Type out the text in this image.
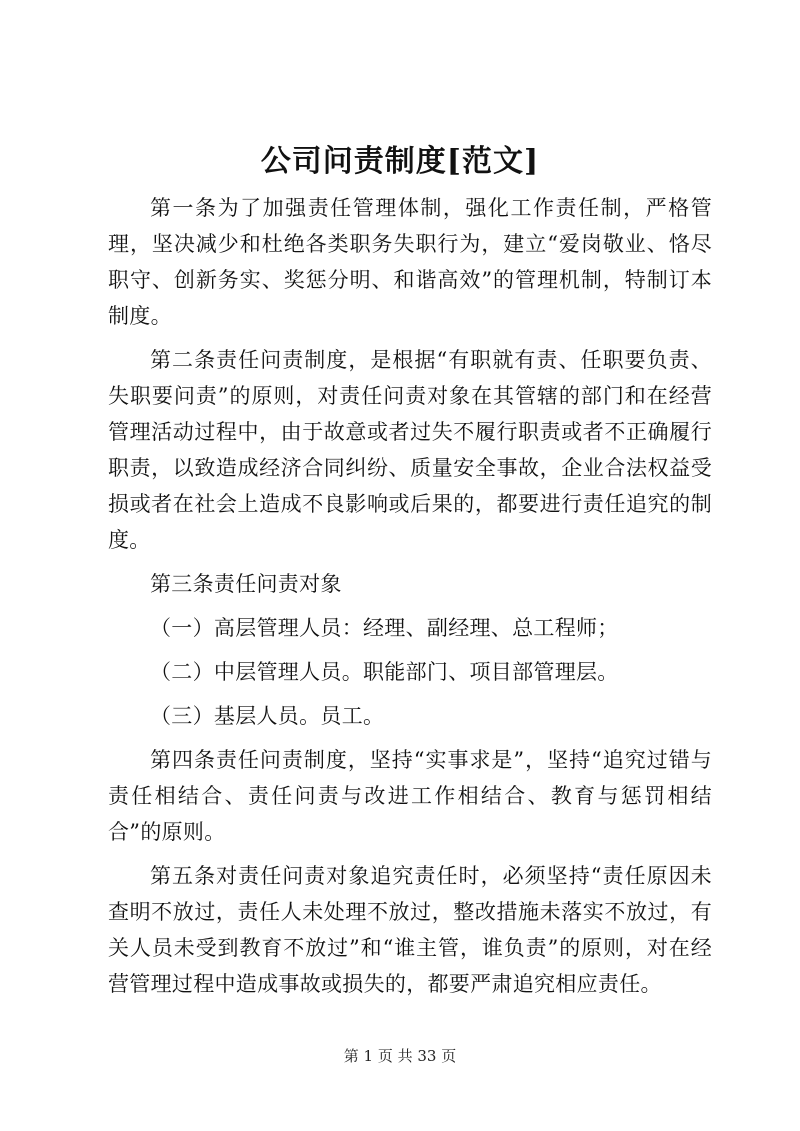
公司问责制度[范文]

第一条为了加强责任管理体制，强化工作责任制，严格管理，坚决减少和杜绝各类职务失职行为，建立“爱岗敬业、恪尽职守、创新务实、奖惩分明、和谐高效”的管理机制，特制订本制度。

第二条责任问责制度，是根据“有职就有责、任职要负责、失职要问责”的原则，对责任问责对象在其管辖的部门和在经营管理活动过程中，由于故意或者过失不履行职责或者不正确履行职责，以致造成经济合同纠纷、质量安全事故，企业合法权益受损或者在社会上造成不良影响或后果的，都要进行责任追究的制度。

第三条责任问责对象

（一）高层管理人员：经理、副经理、总工程师；

（二）中层管理人员。职能部门、项目部管理层。

（三）基层人员。员工。

第四条责任问责制度，坚持“实事求是”，坚持“追究过错与责任相结合、责任问责与改进工作相结合、教育与惩罚相结合”的原则。

第五条对责任问责对象追究责任时，必须坚持“责任原因未查明不放过，责任人未处理不放过，整改措施未落实不放过，有关人员未受到教育不放过”和“谁主管，谁负责”的原则，对在经营管理过程中造成事故或损失的，都要严肃追究相应责任。

第 1 页 共 33 页
